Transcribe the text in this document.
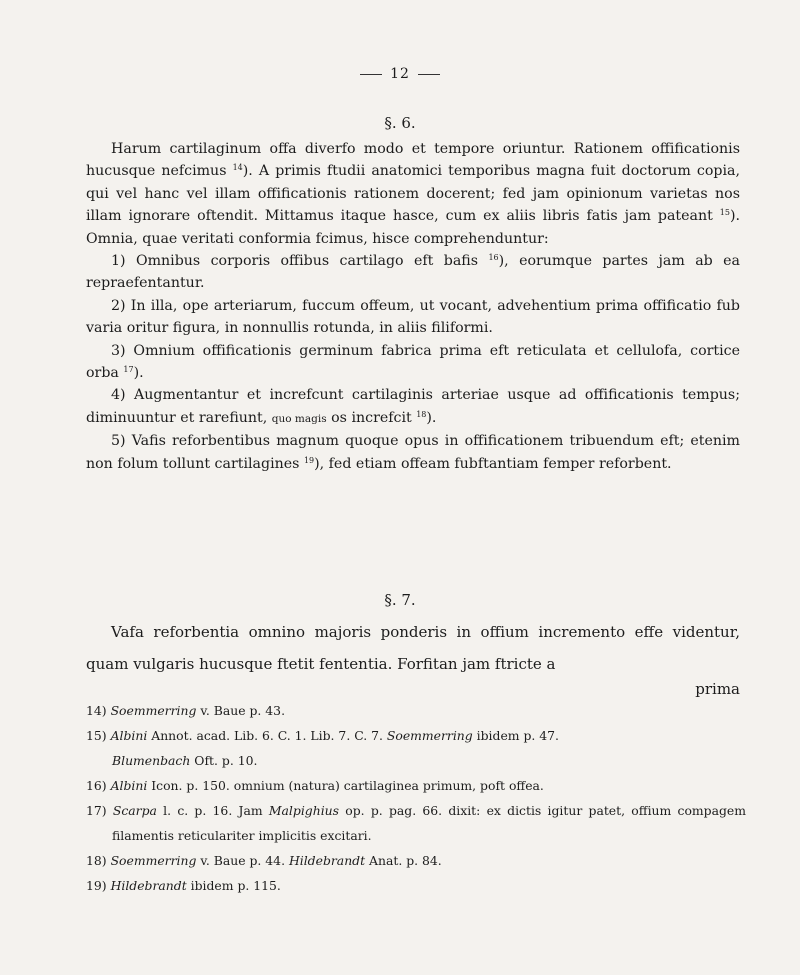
12
§. 6.

Harum cartilaginum offa diverfo modo et tempore oriuntur. Rationem offificationis hucusque nefcimus $^{14}$). A primis ftudii anatomici temporibus magna fuit doctorum copia, qui vel hanc vel illam offificationis rationem docerent; fed jam opinionum varietas nos illam ignorare oftendit. Mittamus itaque hasce, cum ex aliis libris fatis jam pateant $^{15}$). Omnia, quae veritati conformia fcimus, hisce comprehenduntur:

1) Omnibus corporis offibus cartilago eft bafis $^{16}$), eorumque partes jam ab ea repraefentantur.

2) In illa, ope arteriarum, fuccum offeum, ut vocant, advehentium prima offificatio fub varia oritur figura, in nonnullis rotunda, in aliis filiformi.

3) Omnium offificationis germinum fabrica prima eft reticulata et cellulofa, cortice orba $^{17}$).

4) Augmentantur et increfcunt cartilaginis arteriae usque ad offificationis tempus; diminuuntur et rarefiunt, quo magis os increfcit $^{18}$).

5) Vafis reforbentibus magnum quoque opus in offificationem tribuendum eft; etenim non folum tollunt cartilagines $^{19}$), fed etiam offeam fubftantiam femper reforbent.

§. 7.

Vafa reforbentia omnino majoris ponderis in offium incremento effe videntur, quam vulgaris hucusque ftetit fententia. Forfitan jam ftricte a

prima

14) Soemmerring v. Baue p. 43.

15) Albini Annot. acad. Lib. 6. C. 1. Lib. 7. C. 7. Soemmerring ibidem p. 47.

Blumenbach Oft. p. 10.

16) Albini Icon. p. 150. omnium (natura) cartilaginea primum, poft offea.

17) Scarpa l. c. p. 16. Jam Malpighius op. p. pag. 66. dixit: ex dictis igitur patet, offium compagem filamentis reticulariter implicitis excitari.

18) Soemmerring v. Baue p. 44. Hildebrandt Anat. p. 84.

19) Hildebrandt ibidem p. 115.
